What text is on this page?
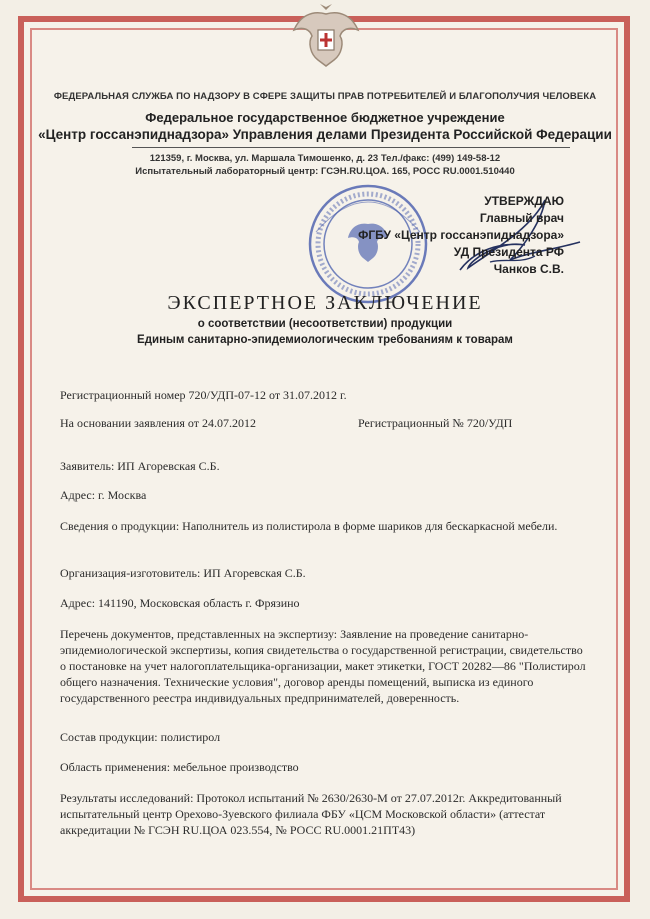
ФЕДЕРАЛЬНАЯ СЛУЖБА ПО НАДЗОРУ В СФЕРЕ ЗАЩИТЫ ПРАВ ПОТРЕБИТЕЛЕЙ И БЛАГОПОЛУЧИЯ ЧЕЛОВЕКА
Федеральное государственное бюджетное учреждение
«Центр госсанэпиднадзора» Управления делами Президента Российской Федерации
121359, г. Москва, ул. Маршала Тимошенко, д. 23 Тел./факс: (499) 149-58-12
Испытательный лабораторный центр: ГСЭН.RU.ЦОА. 165, РОСС RU.0001.510440
УТВЕРЖДАЮ
Главный врач
ФГБУ «Центр госсанэпиднадзора»
УД Президента РФ
Чанков С.В.
ЭКСПЕРТНОЕ ЗАКЛЮЧЕНИЕ
о соответствии (несоответствии) продукции
Единым санитарно-эпидемиологическим требованиям к товарам
Регистрационный номер 720/УДП-07-12 от 31.07.2012 г.
На основании заявления от 24.07.2012	Регистрационный № 720/УДП
Заявитель: ИП Агоревская С.Б.
Адрес: г. Москва
Сведения о продукции: Наполнитель из полистирола в форме шариков для бескаркасной мебели.
Организация-изготовитель: ИП Агоревская С.Б.
Адрес: 141190, Московская область г. Фрязино
Перечень документов, представленных на экспертизу: Заявление на проведение санитарно-эпидемиологической экспертизы, копия свидетельства о государственной регистрации, свидетельство о постановке на учет налогоплательщика-организации, макет этикетки, ГОСТ 20282—86 "Полистирол общего назначения. Технические условия", договор аренды помещений, выписка из единого государственного реестра индивидуальных предпринимателей, доверенность.
Состав продукции: полистирол
Область применения: мебельное производство
Результаты исследований: Протокол испытаний № 2630/2630-М от 27.07.2012г. Аккредитованный испытательный центр Орехово-Зуевского филиала ФБУ «ЦСМ Московской области» (аттестат аккредитации № ГСЭН RU.ЦОА 023.554, № РОСС RU.0001.21ПТ43)
